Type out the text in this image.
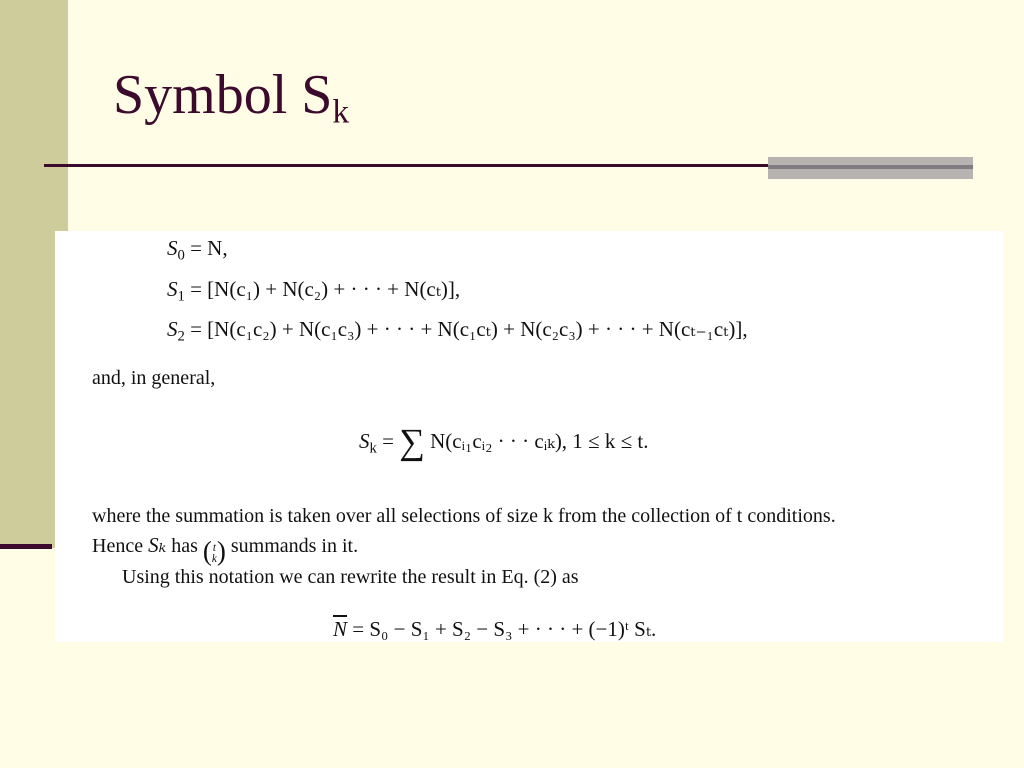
Symbol $S_k$
$S_0 = N$,
$S_1 = [N(c_1) + N(c_2)$ + · · · + N(cₜ)],
$S_2 = [N(c_1c_2) + N(c_1c_3)$ + · · · + N(c₁cₜ) + N(c₂c₃) + · · · + N(cₜ₋₁cₜ)],
and, in general,
$S_k$ = ∑ N(cᵢ₁cᵢ₂ · · · cᵢₖ), 1 ≤ k ≤ t.
where the summation is taken over all selections of size k from the collection of t conditions.
Hence Sₖ has ( t
k ) summands in it.
Using this notation we can rewrite the result in Eq. (2) as
$\overline{N} = S_0 - S_1 + S_2 - S_3$ + · · · + (−1)ᵗ Sₜ.
